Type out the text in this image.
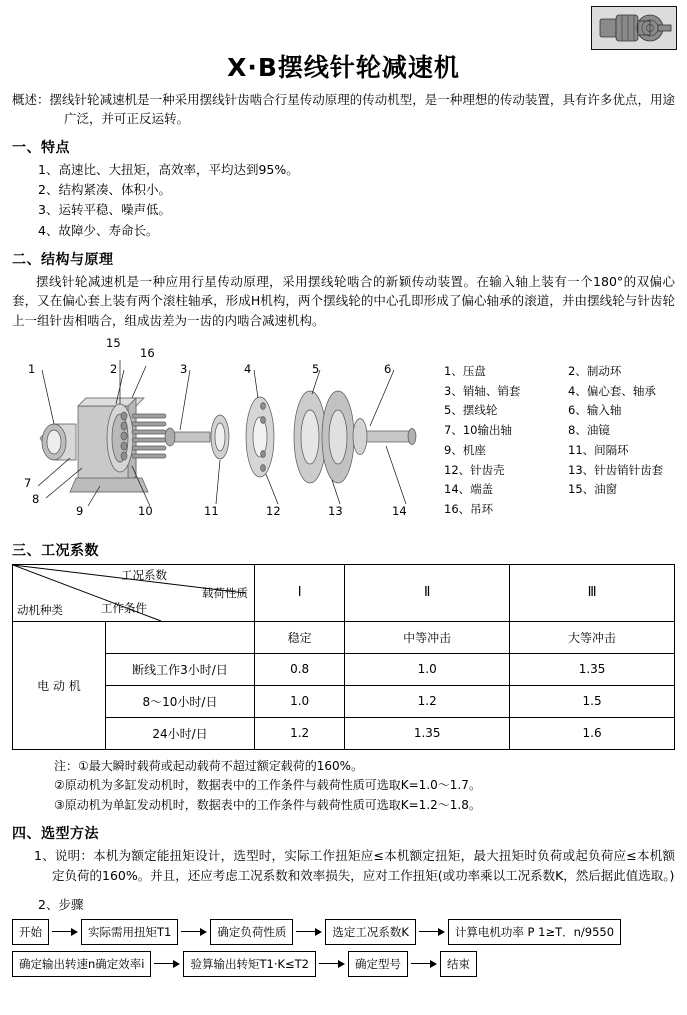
X·B摆线针轮减速机

概述：摆线针轮减速机是一种采用摆线针齿啮合行星传动原理的传动机型，是一种理想的传动装置，具有许多优点，用途广泛，并可正反运转。

一、特点
1、高速比、大扭矩，高效率，平均达到95%。
2、结构紧凑、体积小。
3、运转平稳、噪声低。
4、故障少、寿命长。
二、结构与原理

摆线针轮减速机是一种应用行星传动原理，采用摆线轮啮合的新颖传动装置。在输入轴上装有一个180°的双偏心套，又在偏心套上装有两个滚柱轴承，形成H机构，两个摆线轮的中心孔即形成了偏心轴承的滚道，并由摆线轮与针齿轮上一组针齿相啮合，组成齿差为一齿的内啮合减速机构。

15
16
1	2	3	4	5	6
7
8
9	10	11	12	13	14
1、压盘	2、制动环
3、销轴、销套	4、偏心套、轴承
5、摆线轮	6、输入轴
7、10输出轴	8、油镜
9、机座	11、间隔环
12、针齿壳	13、针齿销针齿套
14、端盖	15、油窗
16、吊环
三、工况系数
载荷性质
工况系数
工作条件
动机种类		Ⅰ	Ⅱ	Ⅲ
电 动 机		稳定	中等冲击	大等冲击
	断线工作3小时/日	0.8	1.0	1.35
	8～10小时/日	1.0	1.2	1.5
	24小时/日	1.2	1.35	1.6
注：①最大瞬时载荷或起动载荷不超过额定载荷的160%。
②原动机为多缸发动机时，数据表中的工作条件与载荷性质可选取K=1.0～1.7。
③原动机为单缸发动机时，数据表中的工作条件与载荷性质可选取K=1.2～1.8。
四、选型方法

1、说明：本机为额定能扭矩设计，选型时，实际工作扭矩应≤本机额定扭矩，最大扭矩时负荷或起负荷应≤本机额定负荷的160%。并且，还应考虑工况系数和效率损失，应对工作扭矩(或功率乘以工况系数K，然后据此值选取。)

2、步骤
开始	实际需用扭矩T1	确定负荷性质	选定工况系数K	计算电机功率 P 1≥T．n/9550
确定输出转速n确定效率i	验算输出转矩T1·K≤T2	确定型号	结束
